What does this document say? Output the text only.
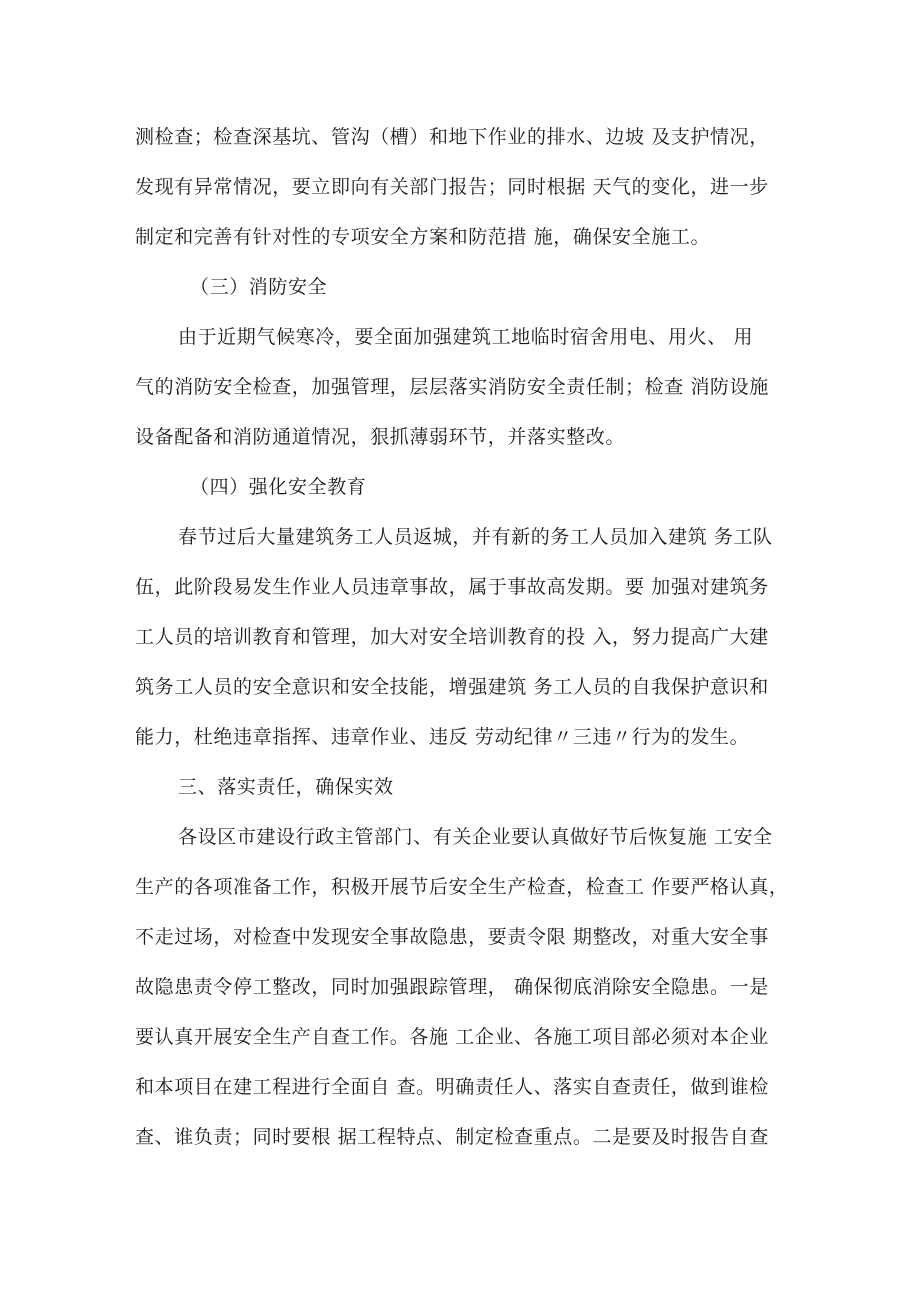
测检查；检查深基坑、管沟（槽）和地下作业的排水、边坡 及支护情况，
发现有异常情况，要立即向有关部门报告；同时根据 天气的变化，进一步
制定和完善有针对性的专项安全方案和防范措 施，确保安全施工。
（三）消防安全
由于近期气候寒冷，要全面加强建筑工地临时宿舍用电、用火、 用
气的消防安全检查，加强管理，层层落实消防安全责任制；检查 消防设施
设备配备和消防通道情况，狠抓薄弱环节，并落实整改。
（四）强化安全教育
春节过后大量建筑务工人员返城，并有新的务工人员加入建筑 务工队
伍，此阶段易发生作业人员违章事故，属于事故高发期。要 加强对建筑务
工人员的培训教育和管理，加大对安全培训教育的投 入，努力提高广大建
筑务工人员的安全意识和安全技能，增强建筑 务工人员的自我保护意识和
能力，杜绝违章指挥、违章作业、违反 劳动纪律〃三违〃行为的发生。
三、落实责任，确保实效
各设区市建设行政主管部门、有关企业要认真做好节后恢复施 工安全
生产的各项准备工作，积极开展节后安全生产检查，检查工 作要严格认真，
不走过场，对检查中发现安全事故隐患，要责令限 期整改，对重大安全事
故隐患责令停工整改，同时加强跟踪管理， 确保彻底消除安全隐患。一是
要认真开展安全生产自查工作。各施 工企业、各施工项目部必须对本企业
和本项目在建工程进行全面自 查。明确责任人、落实自查责任，做到谁检
查、谁负责；同时要根 据工程特点、制定检查重点。二是要及时报告自查
